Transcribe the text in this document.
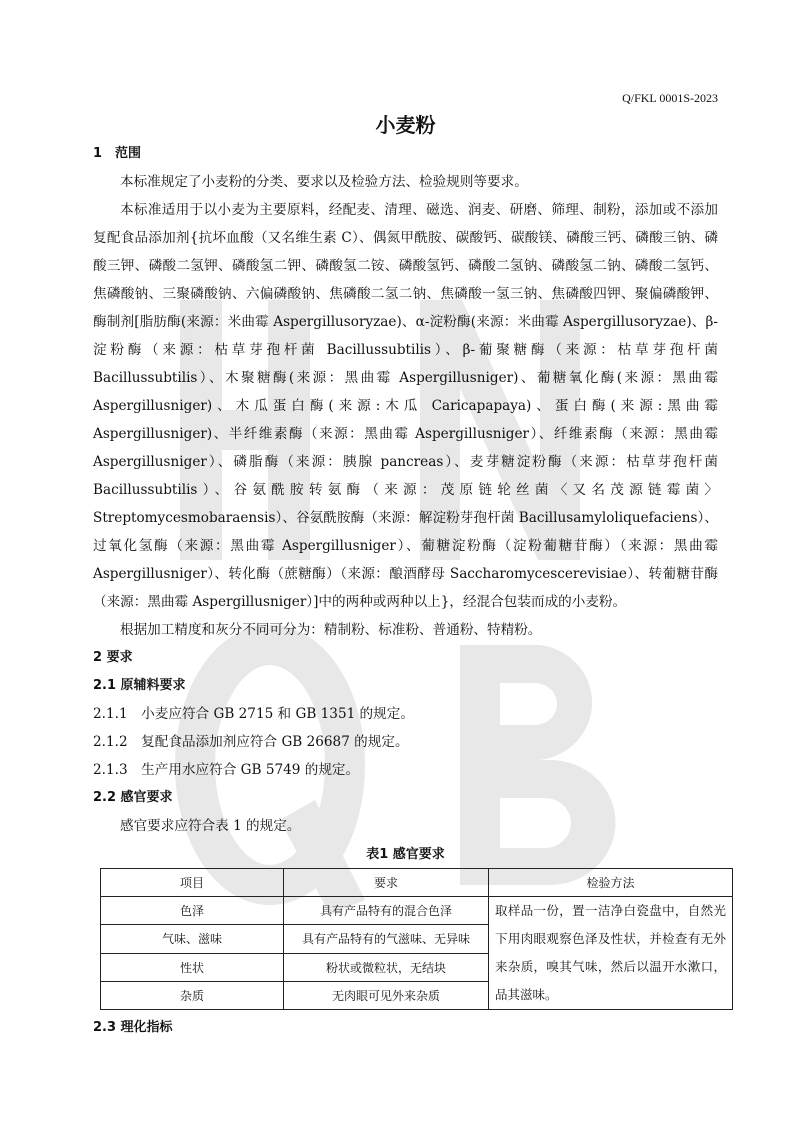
Q/FKL 0001S-2023
小麦粉
1　范围
本标准规定了小麦粉的分类、要求以及检验方法、检验规则等要求。
本标准适用于以小麦为主要原料，经配麦、清理、磁选、润麦、研磨、筛理、制粉，添加或不添加复配食品添加剂{抗坏血酸（又名维生素 C）、偶氮甲酰胺、碳酸钙、碳酸镁、磷酸三钙、磷酸三钠、磷酸三钾、磷酸二氢钾、磷酸氢二钾、磷酸氢二铵、磷酸氢钙、磷酸二氢钠、磷酸氢二钠、磷酸二氢钙、焦磷酸钠、三聚磷酸钠、六偏磷酸钠、焦磷酸二氢二钠、焦磷酸一氢三钠、焦磷酸四钾、聚偏磷酸钾、酶制剂[脂肪酶(来源：米曲霉 Aspergillusoryzae)、α-淀粉酶(来源：米曲霉 Aspergillusoryzae)、β-淀粉酶（来源：枯草芽孢杆菌 Bacillussubtilis）、β-葡聚糖酶（来源：枯草芽孢杆菌 Bacillussubtilis）、木聚糖酶(来源：黑曲霉 Aspergillusniger)、葡糖氧化酶(来源：黑曲霉 Aspergillusniger)、木瓜蛋白酶(来源:木瓜 Caricapapaya)、蛋白酶(来源:黑曲霉 Aspergillusniger)、半纤维素酶（来源：黑曲霉 Aspergillusniger）、纤维素酶（来源：黑曲霉 Aspergillusniger）、磷脂酶（来源：胰腺 pancreas）、麦芽糖淀粉酶（来源：枯草芽孢杆菌 Bacillussubtilis）、谷氨酰胺转氨酶（来源：茂原链轮丝菌〈又名茂源链霉菌〉Streptomycesmobaraensis）、谷氨酰胺酶（来源：解淀粉芽孢杆菌 Bacillusamyloliquefaciens）、过氧化氢酶（来源：黑曲霉 Aspergillusniger）、葡糖淀粉酶（淀粉葡糖苷酶）（来源：黑曲霉 Aspergillusniger）、转化酶（蔗糖酶）（来源：酿酒酵母 Saccharomycescerevisiae）、转葡糖苷酶（来源：黑曲霉 Aspergillusniger）]中的两种或两种以上}，经混合包装而成的小麦粉。
根据加工精度和灰分不同可分为：精制粉、标准粉、普通粉、特精粉。
2 要求
2.1 原辅料要求
2.1.1　小麦应符合 GB 2715 和 GB 1351 的规定。
2.1.2　复配食品添加剂应符合 GB 26687 的规定。
2.1.3　生产用水应符合 GB 5749 的规定。
2.2 感官要求
感官要求应符合表 1 的规定。
表1 感官要求
项目	要求	检验方法
色泽	具有产品特有的混合色泽	取样品一份，置一洁净白瓷盘中，自然光下用肉眼观察色泽及性状，并检查有无外来杂质，嗅其气味，然后以温开水漱口，品其滋味。
气味、滋味	具有产品特有的气滋味、无异味	
性状	粉状或微粒状，无结块	
杂质	无肉眼可见外来杂质	
2.3 理化指标
